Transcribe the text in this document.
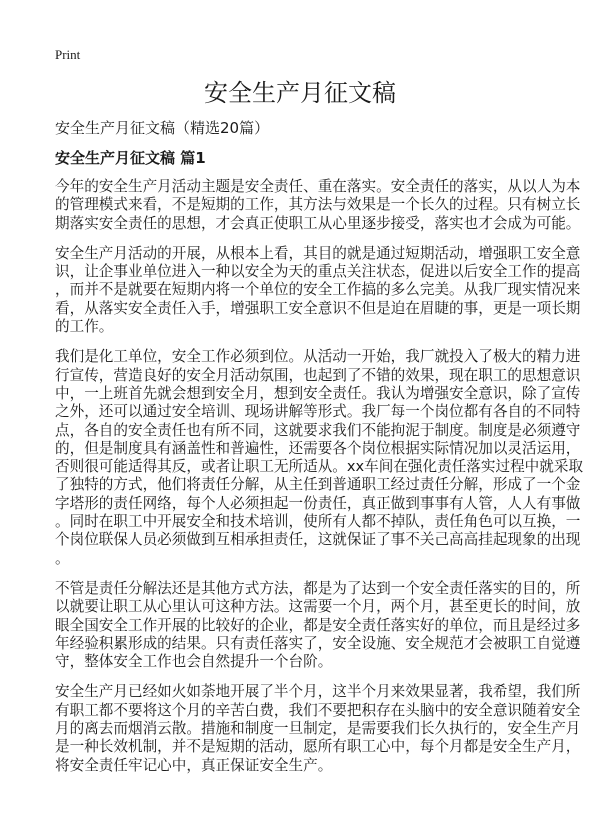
Print
安全生产月征文稿
安全生产月征文稿（精选20篇）
安全生产月征文稿 篇1
今年的安全生产月活动主题是安全责任、重在落实。安全责任的落实，从以人为本
的管理模式来看，不是短期的工作，其方法与效果是一个长久的过程。只有树立长
期落实安全责任的思想，才会真正使职工从心里逐步接受，落实也才会成为可能。
安全生产月活动的开展，从根本上看，其目的就是通过短期活动，增强职工安全意
识，让企事业单位进入一种以安全为天的重点关注状态，促进以后安全工作的提高
，而并不是就要在短期内将一个单位的安全工作搞的多么完美。从我厂现实情况来
看，从落实安全责任入手，增强职工安全意识不但是迫在眉睫的事，更是一项长期
的工作。
我们是化工单位，安全工作必须到位。从活动一开始，我厂就投入了极大的精力进
行宣传，营造良好的安全月活动氛围，也起到了不错的效果，现在职工的思想意识
中，一上班首先就会想到安全月，想到安全责任。我认为增强安全意识，除了宣传
之外，还可以通过安全培训、现场讲解等形式。我厂每一个岗位都有各自的不同特
点，各自的安全责任也有所不同，这就要求我们不能拘泥于制度。制度是必须遵守
的，但是制度具有涵盖性和普遍性，还需要各个岗位根据实际情况加以灵活运用，
否则很可能适得其反，或者让职工无所适从。xx车间在强化责任落实过程中就采取
了独特的方式，他们将责任分解，从主任到普通职工经过责任分解，形成了一个金
字塔形的责任网络，每个人必须担起一份责任，真正做到事事有人管，人人有事做
。同时在职工中开展安全和技术培训，使所有人都不掉队，责任角色可以互换，一
个岗位联保人员必须做到互相承担责任，这就保证了事不关己高高挂起现象的出现
。
不管是责任分解法还是其他方式方法，都是为了达到一个安全责任落实的目的，所
以就要让职工从心里认可这种方法。这需要一个月，两个月，甚至更长的时间，放
眼全国安全工作开展的比较好的企业，都是安全责任落实好的单位，而且是经过多
年经验积累形成的结果。只有责任落实了，安全设施、安全规范才会被职工自觉遵
守，整体安全工作也会自然提升一个台阶。
安全生产月已经如火如荼地开展了半个月，这半个月来效果显著，我希望，我们所
有职工都不要将这个月的辛苦白费，我们不要把积存在头脑中的安全意识随着安全
月的离去而烟消云散。措施和制度一旦制定，是需要我们长久执行的，安全生产月
是一种长效机制，并不是短期的活动，愿所有职工心中，每个月都是安全生产月，
将安全责任牢记心中，真正保证安全生产。
